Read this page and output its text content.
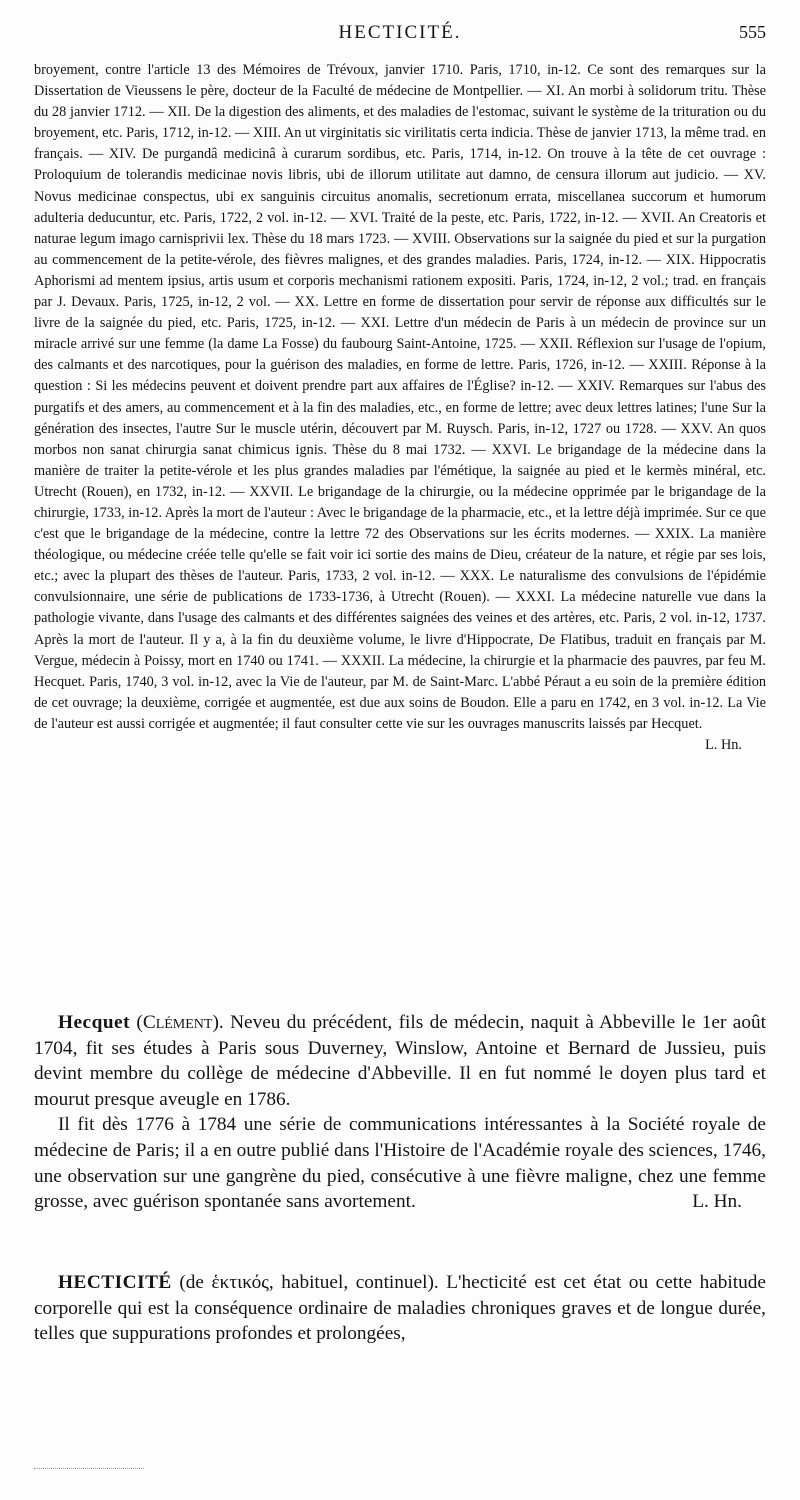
HECTICITÉ.	555

broyement, contre l'article 13 des Mémoires de Trévoux, janvier 1710. Paris, 1710, in-12. Ce sont des remarques sur la Dissertation de Vieussens le père, docteur de la Faculté de médecine de Montpellier. — XI. An morbi à solidorum tritu. Thèse du 28 janvier 1712. — XII. De la digestion des aliments, et des maladies de l'estomac, suivant le système de la trituration ou du broyement, etc. Paris, 1712, in-12. — XIII. An ut virginitatis sic virilitatis certa indicia. Thèse de janvier 1713, la même trad. en français. — XIV. De purgandâ medicinâ à curarum sordibus, etc. Paris, 1714, in-12. On trouve à la tête de cet ouvrage : Proloquium de tolerandis medicinae novis libris, ubi de illorum utilitate aut damno, de censura illorum aut judicio. — XV. Novus medicinae conspectus, ubi ex sanguinis circuitus anomalis, secretionum errata, miscellanea succorum et humorum adulteria deducuntur, etc. Paris, 1722, 2 vol. in-12. — XVI. Traité de la peste, etc. Paris, 1722, in-12. — XVII. An Creatoris et naturae legum imago carnisprivii lex. Thèse du 18 mars 1723. — XVIII. Observations sur la saignée du pied et sur la purgation au commencement de la petite-vérole, des fièvres malignes, et des grandes maladies. Paris, 1724, in-12. — XIX. Hippocratis Aphorismi ad mentem ipsius, artis usum et corporis mechanismi rationem expositi. Paris, 1724, in-12, 2 vol.; trad. en français par J. Devaux. Paris, 1725, in-12, 2 vol. — XX. Lettre en forme de dissertation pour servir de réponse aux difficultés sur le livre de la saignée du pied, etc. Paris, 1725, in-12. — XXI. Lettre d'un médecin de Paris à un médecin de province sur un miracle arrivé sur une femme (la dame La Fosse) du faubourg Saint-Antoine, 1725. — XXII. Réflexion sur l'usage de l'opium, des calmants et des narcotiques, pour la guérison des maladies, en forme de lettre. Paris, 1726, in-12. — XXIII. Réponse à la question : Si les médecins peuvent et doivent prendre part aux affaires de l'Église? in-12. — XXIV. Remarques sur l'abus des purgatifs et des amers, au commencement et à la fin des maladies, etc., en forme de lettre; avec deux lettres latines; l'une Sur la génération des insectes, l'autre Sur le muscle utérin, découvert par M. Ruysch. Paris, in-12, 1727 ou 1728. — XXV. An quos morbos non sanat chirurgia sanat chimicus ignis. Thèse du 8 mai 1732. — XXVI. Le brigandage de la médecine dans la manière de traiter la petite-vérole et les plus grandes maladies par l'émétique, la saignée au pied et le kermès minéral, etc. Utrecht (Rouen), en 1732, in-12. — XXVII. Le brigandage de la chirurgie, ou la médecine opprimée par le brigandage de la chirurgie, 1733, in-12. Après la mort de l'auteur : Avec le brigandage de la pharmacie, etc., et la lettre déjà imprimée. Sur ce que c'est que le brigandage de la médecine, contre la lettre 72 des Observations sur les écrits modernes. — XXIX. La manière théologique, ou médecine créée telle qu'elle se fait voir ici sortie des mains de Dieu, créateur de la nature, et régie par ses lois, etc.; avec la plupart des thèses de l'auteur. Paris, 1733, 2 vol. in-12. — XXX. Le naturalisme des convulsions de l'épidémie convulsionnaire, une série de publications de 1733-1736, à Utrecht (Rouen). — XXXI. La médecine naturelle vue dans la pathologie vivante, dans l'usage des calmants et des différentes saignées des veines et des artères, etc. Paris, 2 vol. in-12, 1737. Après la mort de l'auteur. Il y a, à la fin du deuxième volume, le livre d'Hippocrate, De Flatibus, traduit en français par M. Vergue, médecin à Poissy, mort en 1740 ou 1741. — XXXII. La médecine, la chirurgie et la pharmacie des pauvres, par feu M. Hecquet. Paris, 1740, 3 vol. in-12, avec la Vie de l'auteur, par M. de Saint-Marc. L'abbé Péraut a eu soin de la première édition de cet ouvrage; la deuxième, corrigée et augmentée, est due aux soins de Boudon. Elle a paru en 1742, en 3 vol. in-12. La Vie de l'auteur est aussi corrigée et augmentée; il faut consulter cette vie sur les ouvrages manuscrits laissés par Hecquet.
L. Hn.

Hecquet (Clément). Neveu du précédent, fils de médecin, naquit à Abbeville le 1er août 1704, fit ses études à Paris sous Duverney, Winslow, Antoine et Bernard de Jussieu, puis devint membre du collège de médecine d'Abbeville. Il en fut nommé le doyen plus tard et mourut presque aveugle en 1786.

Il fit dès 1776 à 1784 une série de communications intéressantes à la Société royale de médecine de Paris; il a en outre publié dans l'Histoire de l'Académie royale des sciences, 1746, une observation sur une gangrène du pied, consécutive à une fièvre maligne, chez une femme grosse, avec guérison spontanée sans avortement.	L. Hn.

HECTICITÉ (de ἑκτικός, habituel, continuel). L'hecticité est cet état ou cette habitude corporelle qui est la conséquence ordinaire de maladies chroniques graves et de longue durée, telles que suppurations profondes et prolongées,
